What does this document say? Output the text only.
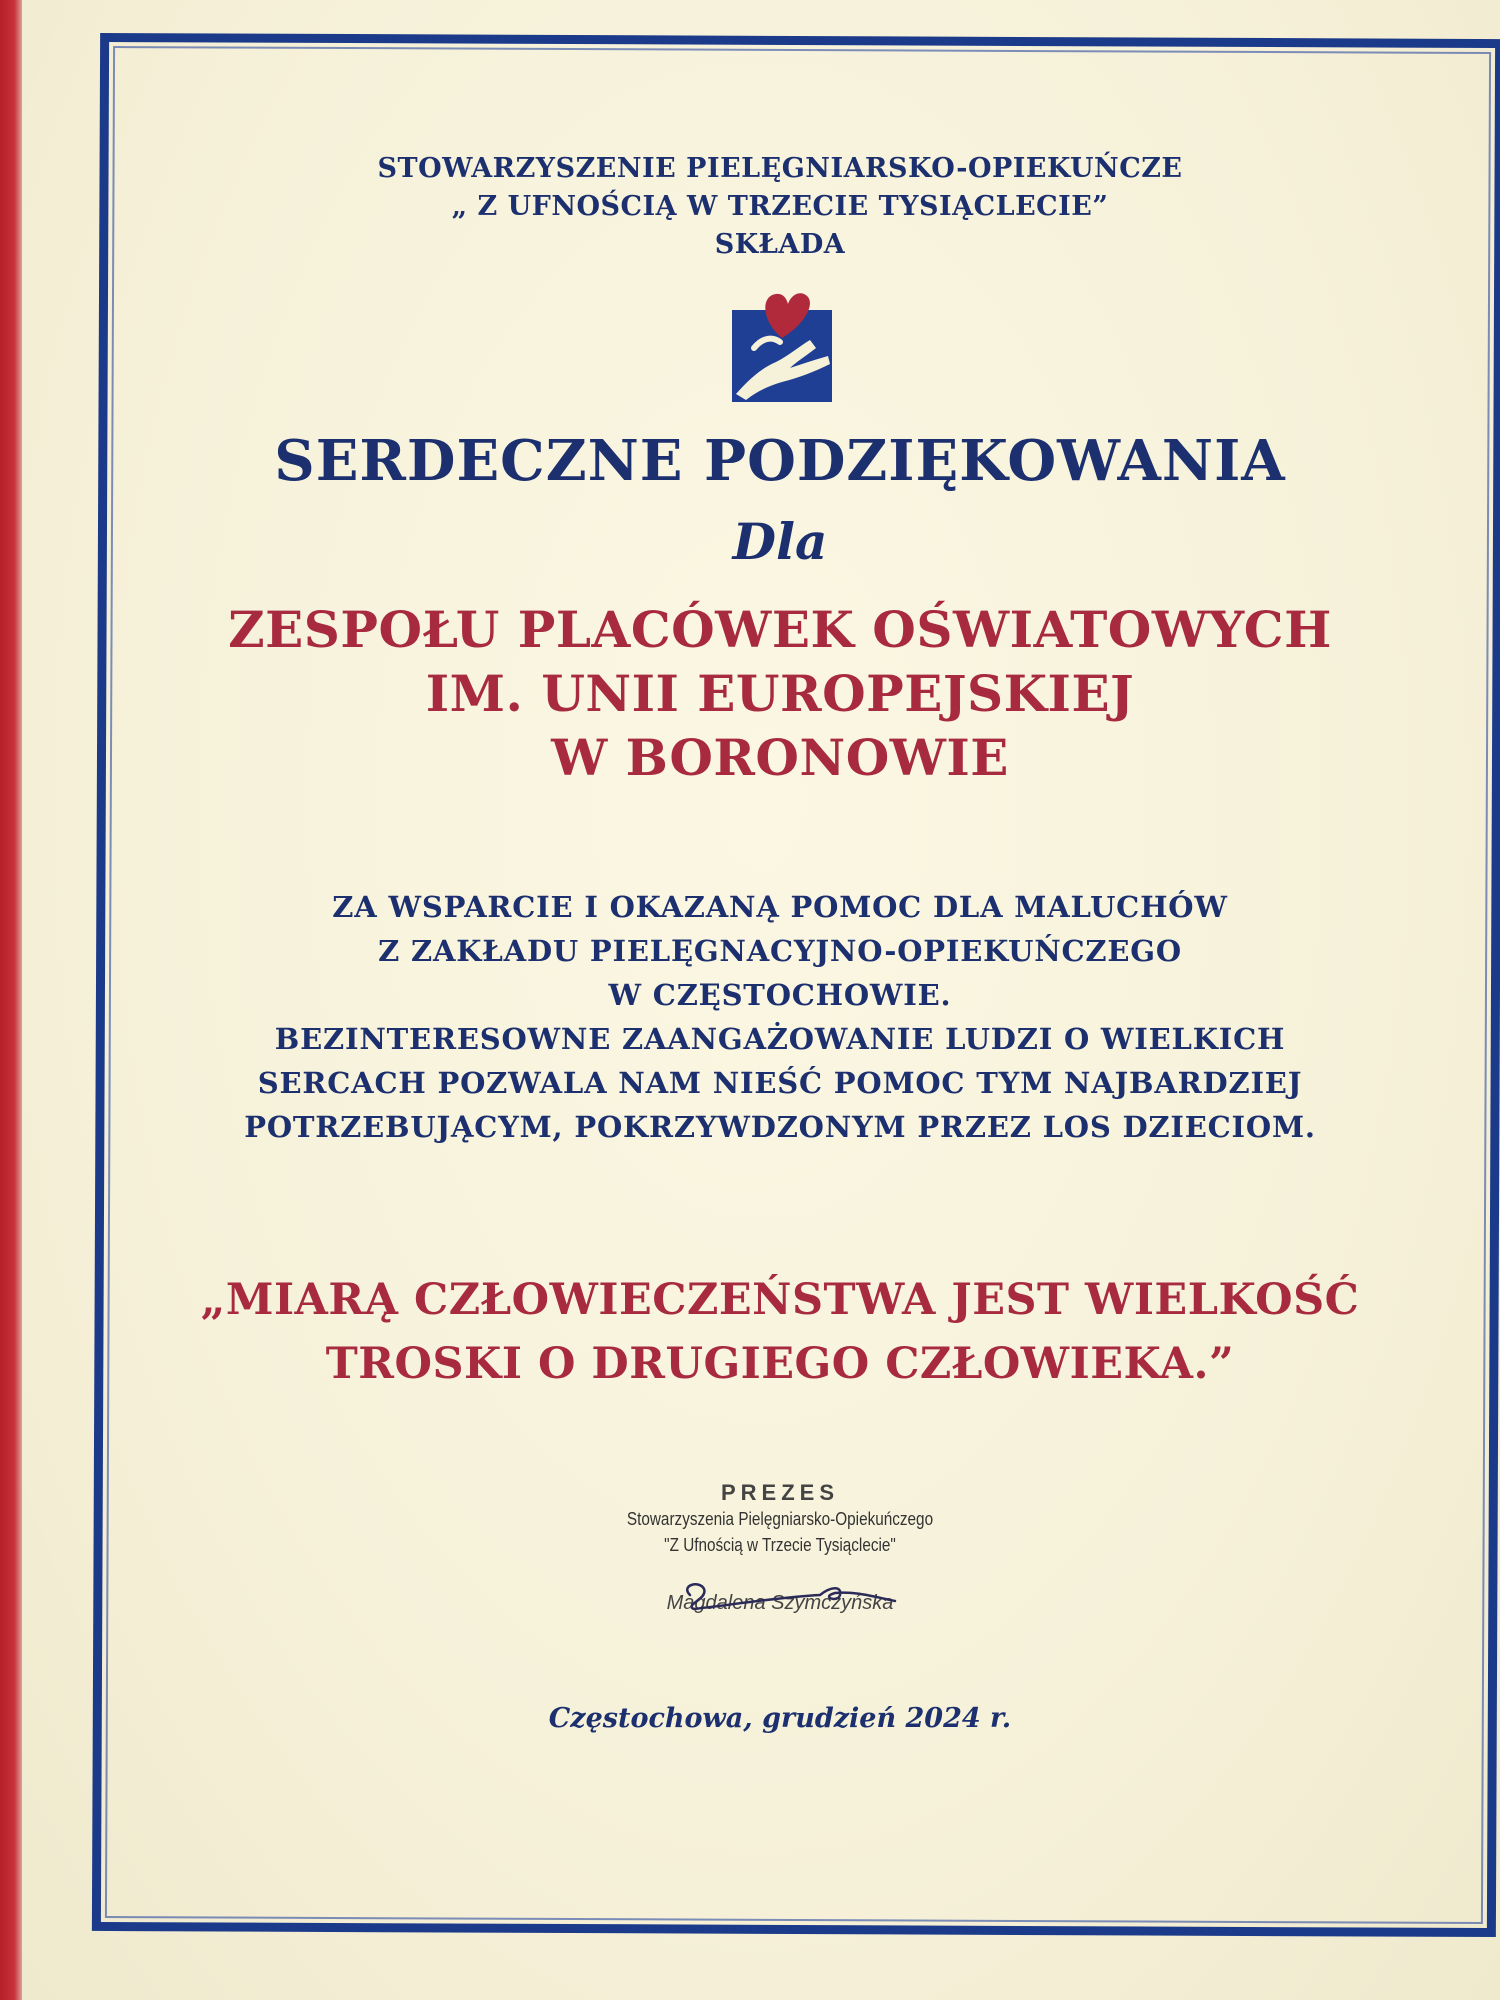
STOWARZYSZENIE PIELĘGNIARSKO-OPIEKUŃCZE
„ Z UFNOŚCIĄ W TRZECIE TYSIĄCLECIE”
SKŁADA
SERDECZNE PODZIĘKOWANIA
Dla
ZESPOŁU PLACÓWEK OŚWIATOWYCH
IM. UNII EUROPEJSKIEJ
W BORONOWIE
ZA WSPARCIE I OKAZANĄ POMOC DLA MALUCHÓW
Z ZAKŁADU PIELĘGNACYJNO-OPIEKUŃCZEGO
W CZĘSTOCHOWIE.
BEZINTERESOWNE ZAANGAŻOWANIE LUDZI O WIELKICH
SERCACH POZWALA NAM NIEŚĆ POMOC TYM NAJBARDZIEJ
POTRZEBUJĄCYM, POKRZYWDZONYM PRZEZ LOS DZIECIOM.
„MIARĄ CZŁOWIECZEŃSTWA JEST WIELKOŚĆ
TROSKI O DRUGIEGO CZŁOWIEKA.”
PREZES
Stowarzyszenia Pielęgniarsko-Opiekuńczego
"Z Ufnością w Trzecie Tysiąclecie"
Magdalena Szymczyńska
Częstochowa, grudzień 2024 r.
